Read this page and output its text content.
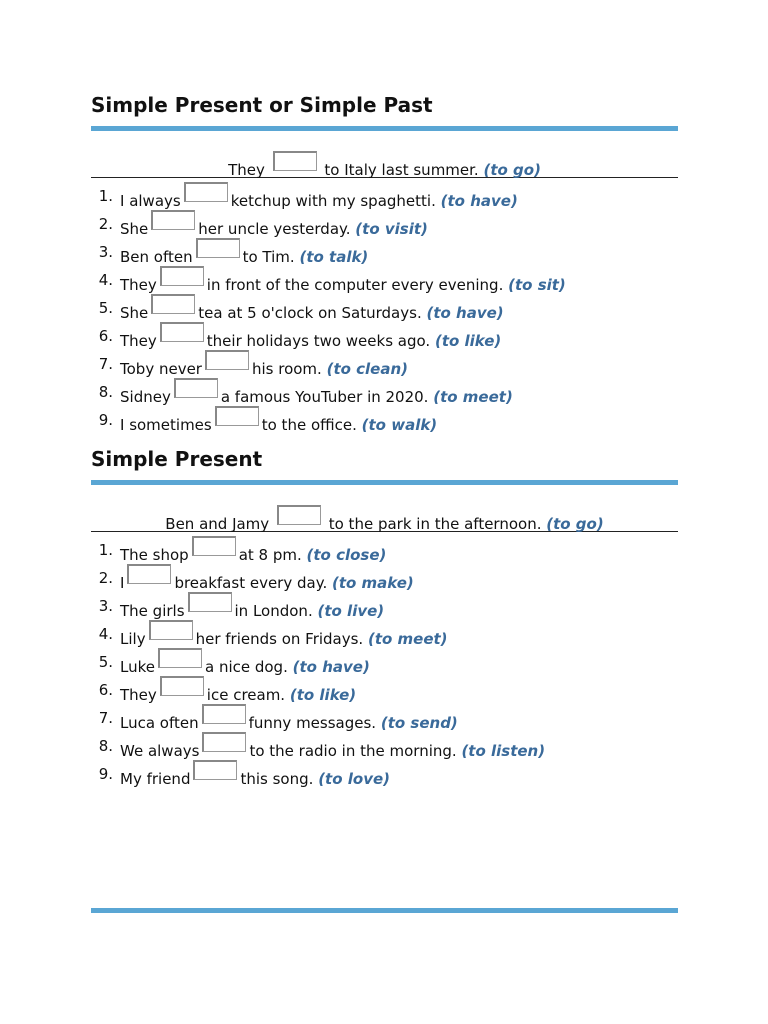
Simple Present or Simple Past
They	to Italy last summer. (to go)
1. I always	ketchup with my spaghetti. (to have)
2. She	her uncle yesterday. (to visit)
3. Ben often	to Tim. (to talk)
4. They	in front of the computer every evening. (to sit)
5. She	tea at 5 o'clock on Saturdays. (to have)
6. They	their holidays two weeks ago. (to like)
7. Toby never	his room. (to clean)
8. Sidney	a famous YouTuber in 2020. (to meet)
9. I sometimes	to the office. (to walk)
Simple Present
Ben and Jamy	to the park in the afternoon. (to go)
1. The shop	at 8 pm. (to close)
2. I	breakfast every day. (to make)
3. The girls	in London. (to live)
4. Lily	her friends on Fridays. (to meet)
5. Luke	a nice dog. (to have)
6. They	ice cream. (to like)
7. Luca often	funny messages. (to send)
8. We always	to the radio in the morning. (to listen)
9. My friend	this song. (to love)
